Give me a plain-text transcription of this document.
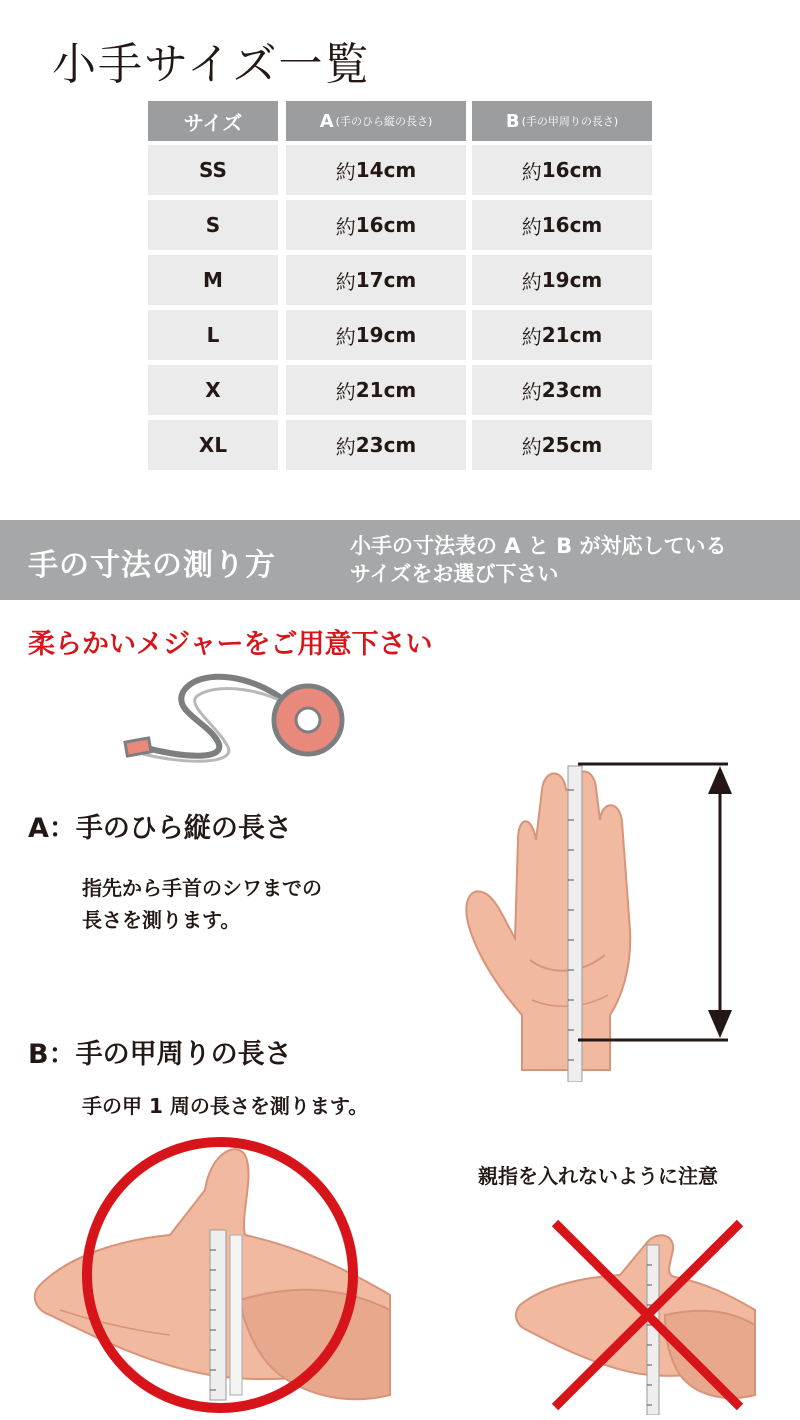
小手サイズ一覧
サイズ	A (手のひら縦の長さ)	B (手の甲周りの長さ)
SS	約 14cm	約 16cm
S	約 16cm	約 16cm
M	約 17cm	約 19cm
L	約 19cm	約 21cm
X	約 21cm	約 23cm
XL	約 23cm	約 25cm
手の寸法の測り方
小手の寸法表の A と B が対応している
サイズをお選び下さい
柔らかいメジャーをご用意下さい
A：手のひら縦の長さ
指先から手首のシワまでの
長さを測ります。
B：手の甲周りの長さ
手の甲 1 周の長さを測ります。
親指を入れないように注意
